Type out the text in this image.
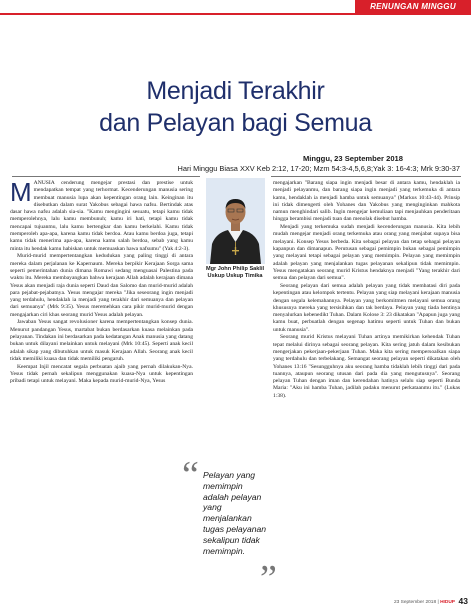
RENUNGAN MINGGU
Menjadi Terakhir
dan Pelayan bagi Semua
Minggu, 23 September 2018
Hari Minggu Biasa XXV Keb 2:12, 17-20; Mzm 54:3-4,5,6,8;Yak 3: 16-4:3; Mrk 9:30-37

MANUSIA cenderung mengejar prestasi dan prestise untuk mendapatkan tempat yang terhormat. Kecenderungan manusia sering membuat manusia lupa akan kepentingan orang lain. Keinginan itu disebutkan dalam surat Yakobus sebagai hawa nafsu. Bertindak atas dasar hawa nafsu adalah sia-sia. "Kamu mengingini sesuatu, tetapi kamu tidak memperolehnya, lalu kamu membunuh; kamu iri hati, tetapi kamu tidak mencapai tujuanmu, lalu kamu bertengkar dan kamu berkelahi. Kamu tidak memperoleh apa-apa, karena kamu tidak berdoa. Atau kamu berdoa juga, tetapi kamu tidak menerima apa-apa, karena kamu salah berdoa, sebab yang kamu minta itu hendak kamu habiskan untuk memuaskan hawa nafsumu" (Yak 4:2-3).

Murid-murid mempertentangkan kedudukan yang paling tinggi di antara mereka dalam perjalanan ke Kapernaum. Mereka berpikir Kerajaan Sorga sama seperti pemerintahan dunia dimana Romawi sedang menguasai Palestina pada waktu itu. Mereka membayangkan bahwa kerajaan Allah adalah kerajaan dimana Yesus akan menjadi raja dunia seperti Daud dan Salomo dan murid-murid adalah para pejabat-pejabatnya. Yesus mengajar mereka "Jika seseorang ingin menjadi yang terdahulu, hendaklah ia menjadi yang terakhir dari semuanya dan pelayan dari semuanya" (Mrk 9:35). Yesus meremehkan cara pikir murid-murid dengan mengajarkan ciri khas seorang murid Yesus adalah pelayan.

Jawaban Yesus sangat revolusioner karena mempertentangkan konsep dunia. Menurut pandangan Yesus, martabat bukan berdasarkan kuasa melainkan pada pelayanan. Tindakan ini berdasarkan pada kedatangan Anak manusia yang datang bukan untuk dilayani melainkan untuk melayani (Mrk 10:45). Seperti anak kecil adalah sikap yang dibutuhkan untuk masuk Kerajaan Allah. Seorang anak kecil tidak memiliki kuasa dan tidak memiliki pengaruh.

Keempat Injil mencatat segala perbuatan ajaib yang pernah dilakukan-Nya. Yesus tidak pernah sekalipun menggunakan kuasa-Nya untuk kepentingan pribadi tetapi untuk melayani. Maka kepada murid-murid-Nya, Yesus

Mgr John Philip Saklil
Uskup Uskup Timika
“ Pelayan yang memimpin adalah pelayan yang menjalankan tugas pelayanan sekalipun tidak memimpin.
”

mengajarkan "Barang siapa ingin menjadi besar di antara kamu, hendaklah ia menjadi pelayanmu, dan barang siapa ingin menjadi yang terkemuka di antara kamu, hendaklah ia menjadi hamba untuk semuanya" (Markus 10:43-44). Prinsip ini tidak dimengerti oleh Yohanes dan Yakobus yang menginginkan mahkota namun menghindari salib. Ingin mengejar kemuliaan tapi menjauhkan penderitaan hingga berambisi menjadi tuan dan menolak disebut hamba.

Menjadi yang terkemuka sudah menjadi kecenderungan manusia. Kita lebih mudah mengejar menjadi orang terkemuka atau orang yang menjabat supaya bisa melayani. Konsep Yesus berbeda. Kita sebagai pelayan dan tetap sebagai pelayan kapanpun dan dimanapun. Perutusan sebagai pemimpin bukan sebagai pemimpin yang melayani tetapi sebagai pelayan yang memimpin. Pelayan yang memimpin adalah pelayan yang menjalankan tugas pelayanan sekalipun tidak memimpin. Yesus mengatakan seorang murid Kristus hendaknya menjadi "Yang terakhir dari semua dan pelayan dari semua".

Seorang pelayan dari semua adalah pelayan yang tidak membatasi diri pada kepentingan atau kelompok tertentu. Pelayan yang siap melayani kerajaan manusia dengan segala kelemahannya. Pelayan yang berkomitmen melayani semua orang khususnya mereka yang tersisihkan dan tak berdaya. Pelayan yang tiada hentinya menyalurkan kebenedikt Tuhan. Dalam Kolose 3: 23 dikatakan "Apapun juga yang kamu buat, perbuatlah dengan segenap hatimu seperti untuk Tuhan dan bukan untuk manusia".

Seorang murid Kristus melayani Tuhan artinya memikirkan kehendak Tuhan tepat melalui dirinya sebagai seorang pelayan. Kita sering jatuh dalam kesibukan mengerjakan pekerjaan-pekerjaan Tuhan. Maka kita sering mempersoalkan siapa yang terdahulu dan terbelakang. Semangat seorang pelayan seperti dikatakan oleh Yohanes 13:16 "Sesungguhnya aku seorang hamba tidaklah lebih tinggi dari pada tuannya, ataupun seorang utusan dari pada dia yang mengutusnya". Seorang pelayan Tuhan dengan iman dan kerendahan hatinya selalu siap seperti Bunda Maria: "Aku ini hamba Tuhan, jadilah padaku menurut perkataanmu itu." (Lukas 1:38).

23 September 2018 | HIDUP 43
